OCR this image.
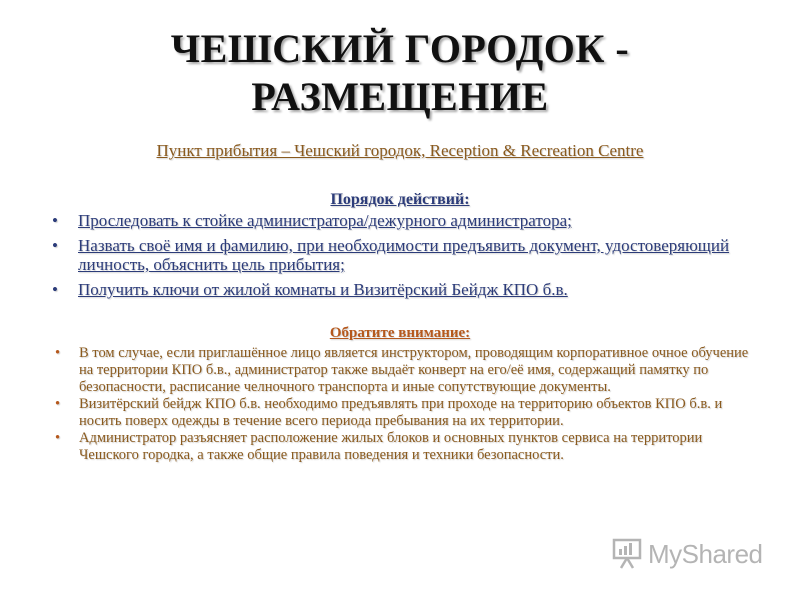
ЧЕШСКИЙ ГОРОДОК -
РАЗМЕЩЕНИЕ
Пункт прибытия – Чешский городок, Reception & Recreation Centre
Порядок действий:
• Проследовать к стойке администратора/дежурного администратора;
• Назвать своё имя и фамилию, при необходимости предъявить документ, удостоверяющий личность, объяснить цель прибытия;
• Получить ключи от жилой комнаты и Визитёрский Бейдж КПО б.в.
Обратите внимание:
• В том случае, если приглашённое лицо является инструктором, проводящим корпоративное очное обучение на территории КПО б.в., администратор также выдаёт конверт на его/её имя, содержащий памятку по безопасности, расписание челночного транспорта и иные сопутствующие документы.
• Визитёрский бейдж КПО б.в. необходимо предъявлять при проходе на территорию объектов КПО б.в. и носить поверх одежды в течение всего периода пребывания на их территории.
• Администратор разъясняет расположение жилых блоков и основных пунктов сервиса на территории Чешского городка, а также общие правила поведения и техники безопасности.
MyShared
